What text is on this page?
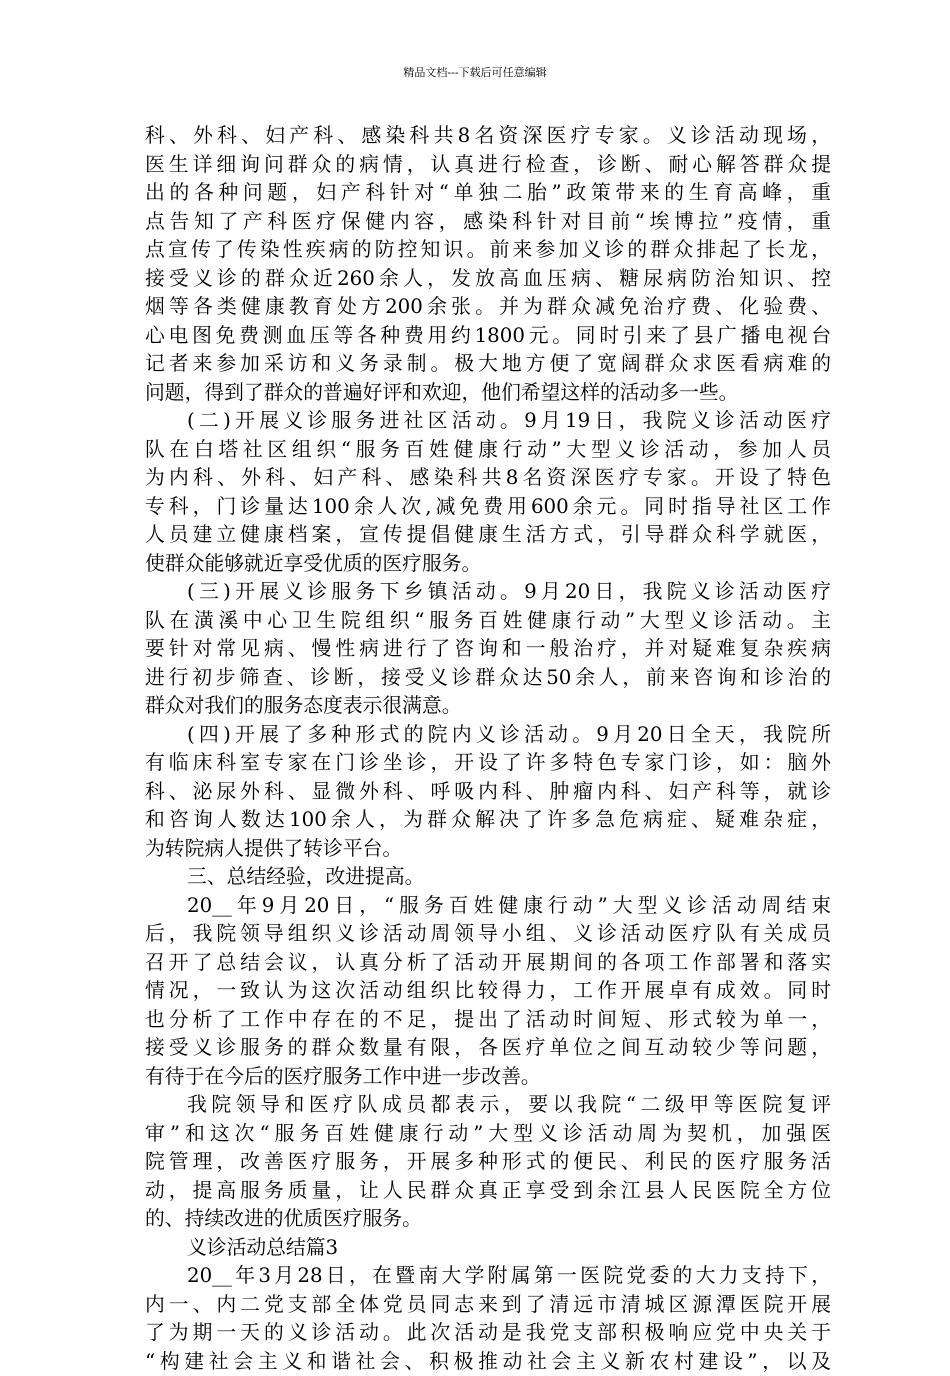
精品文档---下载后可任意编辑
科、外科、妇产科、感染科共8名资深医疗专家。义诊活动现场，
医生详细询问群众的病情，认真进行检查，诊断、耐心解答群众提
出的各种问题，妇产科针对“单独二胎”政策带来的生育高峰，重
点告知了产科医疗保健内容，感染科针对目前“埃博拉”疫情，重
点宣传了传染性疾病的防控知识。前来参加义诊的群众排起了长龙，
接受义诊的群众近260余人，发放高血压病、糖尿病防治知识、控
烟等各类健康教育处方200余张。并为群众减免治疗费、化验费、
心电图免费测血压等各种费用约1800元。同时引来了县广播电视台
记者来参加采访和义务录制。极大地方便了宽阔群众求医看病难的
问题，得到了群众的普遍好评和欢迎，他们希望这样的活动多一些。
(二)开展义诊服务进社区活动。9月19日，我院义诊活动医疗
队在白塔社区组织“服务百姓健康行动”大型义诊活动，参加人员
为内科、外科、妇产科、感染科共8名资深医疗专家。开设了特色
专科，门诊量达100余人次,减免费用600余元。同时指导社区工作
人员建立健康档案，宣传提倡健康生活方式，引导群众科学就医，
使群众能够就近享受优质的医疗服务。
(三)开展义诊服务下乡镇活动。9月20日，我院义诊活动医疗
队在潢溪中心卫生院组织“服务百姓健康行动”大型义诊活动。主
要针对常见病、慢性病进行了咨询和一般治疗，并对疑难复杂疾病
进行初步筛查、诊断，接受义诊群众达50余人，前来咨询和诊治的
群众对我们的服务态度表示很满意。
(四)开展了多种形式的院内义诊活动。9月20日全天，我院所
有临床科室专家在门诊坐诊，开设了许多特色专家门诊，如：脑外
科、泌尿外科、显微外科、呼吸内科、肿瘤内科、妇产科等，就诊
和咨询人数达100余人，为群众解决了许多急危病症、疑难杂症，
为转院病人提供了转诊平台。
三、总结经验，改进提高。
20__年9月20日，“服务百姓健康行动”大型义诊活动周结束
后，我院领导组织义诊活动周领导小组、义诊活动医疗队有关成员
召开了总结会议，认真分析了活动开展期间的各项工作部署和落实
情况，一致认为这次活动组织比较得力，工作开展卓有成效。同时
也分析了工作中存在的不足，提出了活动时间短、形式较为单一，
接受义诊服务的群众数量有限，各医疗单位之间互动较少等问题，
有待于在今后的医疗服务工作中进一步改善。
我院领导和医疗队成员都表示，要以我院“二级甲等医院复评
审”和这次“服务百姓健康行动”大型义诊活动周为契机，加强医
院管理，改善医疗服务，开展多种形式的便民、利民的医疗服务活
动，提高服务质量，让人民群众真正享受到余江县人民医院全方位
的、持续改进的优质医疗服务。
义诊活动总结篇3
20__年3月28日，在暨南大学附属第一医院党委的大力支持下，
内一、内二党支部全体党员同志来到了清远市清城区源潭医院开展
了为期一天的义诊活动。此次活动是我党支部积极响应党中央关于
“构建社会主义和谐社会、积极推动社会主义新农村建设”，以及
